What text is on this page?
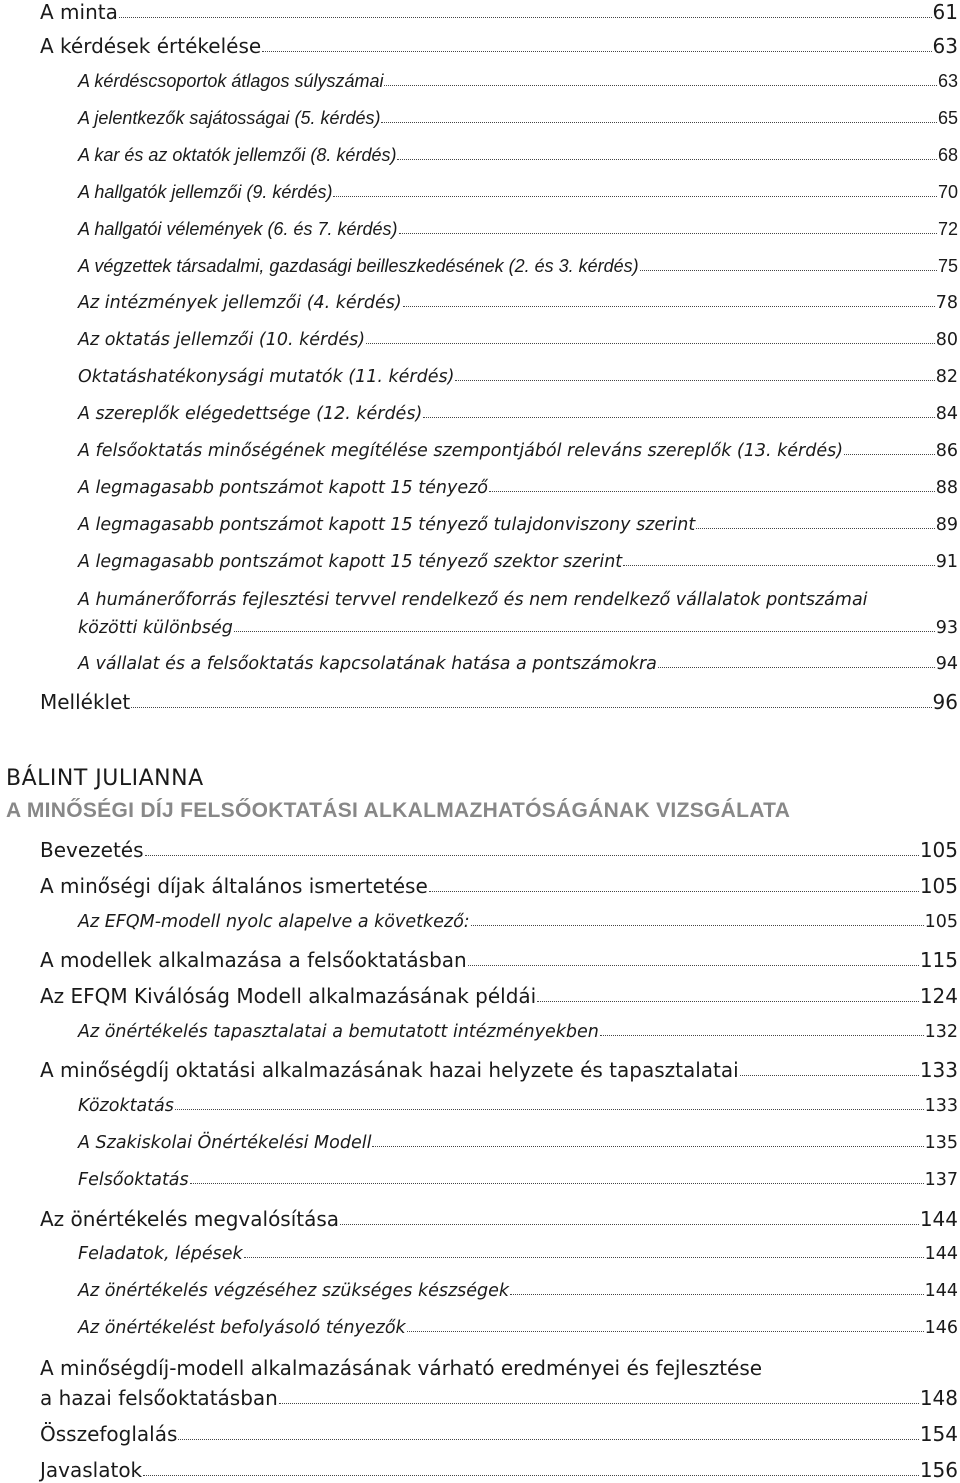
A minta	61
A kérdések értékelése	63
A kérdéscsoportok átlagos súlyszámai	63
A jelentkezők sajátosságai (5. kérdés)	65
A kar és az oktatók jellemzői (8. kérdés)	68
A hallgatók jellemzői (9. kérdés)	70
A hallgatói vélemények (6. és 7. kérdés)	72
A végzettek társadalmi, gazdasági beilleszkedésének (2. és 3. kérdés)	75
Az intézmények jellemzői (4. kérdés)	78
Az oktatás jellemzői (10. kérdés)	80
Oktatáshatékonysági mutatók (11. kérdés)	82
A szereplők elégedettsége (12. kérdés)	84
A felsőoktatás minőségének megítélése szempontjából releváns szereplők (13. kérdés)	86
A legmagasabb pontszámot kapott 15 tényező	88
A legmagasabb pontszámot kapott 15 tényező tulajdonviszony szerint	89
A legmagasabb pontszámot kapott 15 tényező szektor szerint	91
A humánerőforrás fejlesztési tervvel rendelkező és nem rendelkező vállalatok pontszámai
közötti különbség	93
A vállalat és a felsőoktatás kapcsolatának hatása a pontszámokra	94
Melléklet	96
BÁLINT JULIANNA
A MINŐSÉGI DÍJ FELSŐOKTATÁSI ALKALMAZHATÓSÁGÁNAK VIZSGÁLATA
Bevezetés	105
A minőségi díjak általános ismertetése	105
Az EFQM-modell nyolc alapelve a következő:	105
A modellek alkalmazása a felsőoktatásban	115
Az EFQM Kiválóság Modell alkalmazásának példái	124
Az önértékelés tapasztalatai a bemutatott intézményekben	132
A minőségdíj oktatási alkalmazásának hazai helyzete és tapasztalatai	133
Közoktatás	133
A Szakiskolai Önértékelési Modell	135
Felsőoktatás	137
Az önértékelés megvalósítása	144
Feladatok, lépések	144
Az önértékelés végzéséhez szükséges készségek	144
Az önértékelést befolyásoló tényezők	146
A minőségdíj-modell alkalmazásának várható eredményei és fejlesztése
a hazai felsőoktatásban	148
Összefoglalás	154
Javaslatok	156
